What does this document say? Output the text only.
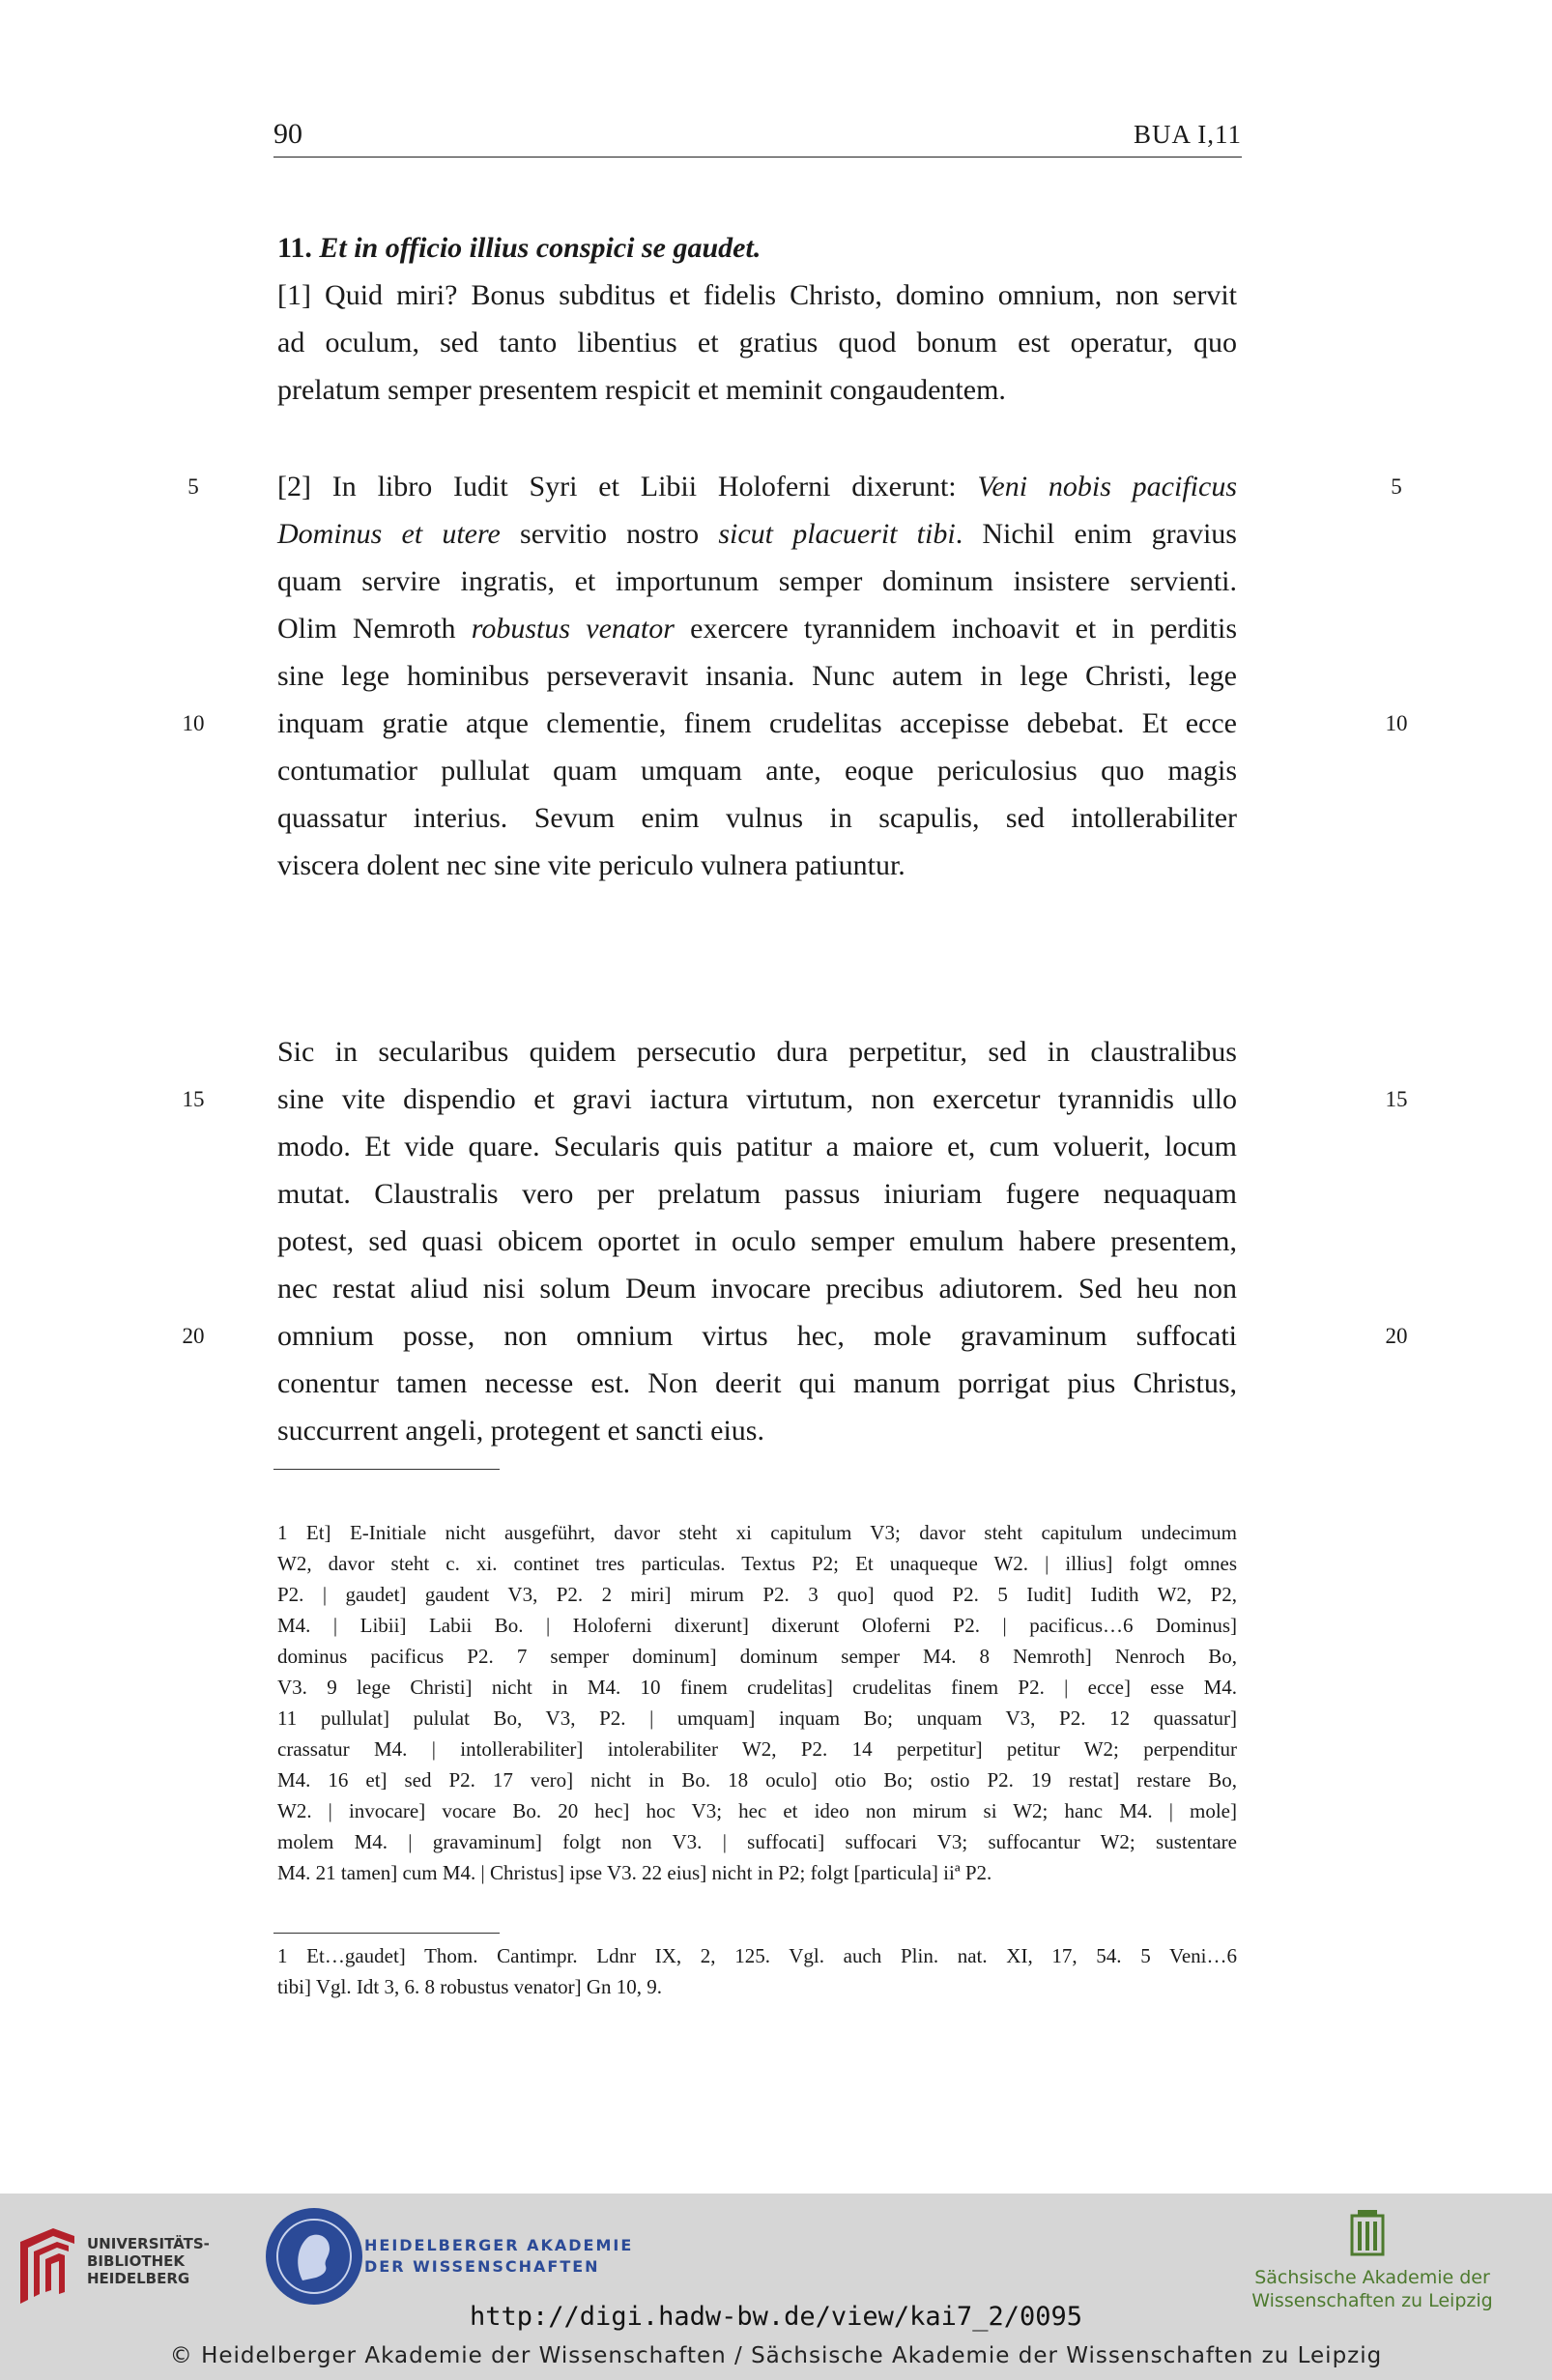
90	BUA I,11
11. Et in officio illius conspici se gaudet.
[1] Quid miri? Bonus subditus et fidelis Christo, domino omnium, non servit
ad oculum, sed tanto libentius et gratius quod bonum est operatur, quo
prelatum semper presentem respicit et meminit congaudentem.
[2] In libro Iudit Syri et Libii Holoferni dixerunt: Veni nobis pacificus
Dominus et utere servitio nostro sicut placuerit tibi. Nichil enim gravius
quam servire ingratis, et importunum semper dominum insistere servienti.
Olim Nemroth robustus venator exercere tyrannidem inchoavit et in perditis
sine lege hominibus perseveravit insania. Nunc autem in lege Christi, lege
inquam gratie atque clementie, finem crudelitas accepisse debebat. Et ecce
contumatior pullulat quam umquam ante, eoque periculosius quo magis
quassatur interius. Sevum enim vulnus in scapulis, sed intollerabiliter
viscera dolent nec sine vite periculo vulnera patiuntur.
Sic in secularibus quidem persecutio dura perpetitur, sed in claustralibus
sine vite dispendio et gravi iactura virtutum, non exercetur tyrannidis ullo
modo. Et vide quare. Secularis quis patitur a maiore et, cum voluerit, locum
mutat. Claustralis vero per prelatum passus iniuriam fugere nequaquam
potest, sed quasi obicem oportet in oculo semper emulum habere presentem,
nec restat aliud nisi solum Deum invocare precibus adiutorem. Sed heu non
omnium posse, non omnium virtus hec, mole gravaminum suffocati
conentur tamen necesse est. Non deerit qui manum porrigat pius Christus,
succurrent angeli, protegent et sancti eius.
5	5
10	10
15	15
20	20
1 Et] E-Initiale nicht ausgeführt, davor steht xi capitulum V3; davor steht capitulum undecimum
W2, davor steht c. xi. continet tres particulas. Textus P2; Et unaqueque W2. | illius] folgt omnes
P2. | gaudet] gaudent V3, P2. 2 miri] mirum P2. 3 quo] quod P2. 5 Iudit] Iudith W2, P2,
M4. | Libii] Labii Bo. | Holoferni dixerunt] dixerunt Oloferni P2. | pacificus…6 Dominus]
dominus pacificus P2. 7 semper dominum] dominum semper M4. 8 Nemroth] Nenroch Bo,
V3. 9 lege Christi] nicht in M4. 10 finem crudelitas] crudelitas finem P2. | ecce] esse M4.
11 pullulat] pululat Bo, V3, P2. | umquam] inquam Bo; unquam V3, P2. 12 quassatur]
crassatur M4. | intollerabiliter] intolerabiliter W2, P2. 14 perpetitur] petitur W2; perpenditur
M4. 16 et] sed P2. 17 vero] nicht in Bo. 18 oculo] otio Bo; ostio P2. 19 restat] restare Bo,
W2. | invocare] vocare Bo. 20 hec] hoc V3; hec et ideo non mirum si W2; hanc M4. | mole]
molem M4. | gravaminum] folgt non V3. | suffocati] suffocari V3; suffocantur W2; sustentare
M4. 21 tamen] cum M4. | Christus] ipse V3. 22 eius] nicht in P2; folgt [particula] iiª P2.
1 Et…gaudet] Thom. Cantimpr. Ldnr IX, 2, 125. Vgl. auch Plin. nat. XI, 17, 54. 5 Veni…6
tibi] Vgl. Idt 3, 6. 8 robustus venator] Gn 10, 9.
UNIVERSITÄTS- BIBLIOTHEK HEIDELBERG
HEIDELBERGER AKADEMIE DER WISSENSCHAFTEN
Sächsische Akademie der Wissenschaften zu Leipzig
http://digi.hadw-bw.de/view/kai7_2/0095
© Heidelberger Akademie der Wissenschaften / Sächsische Akademie der Wissenschaften zu Leipzig
